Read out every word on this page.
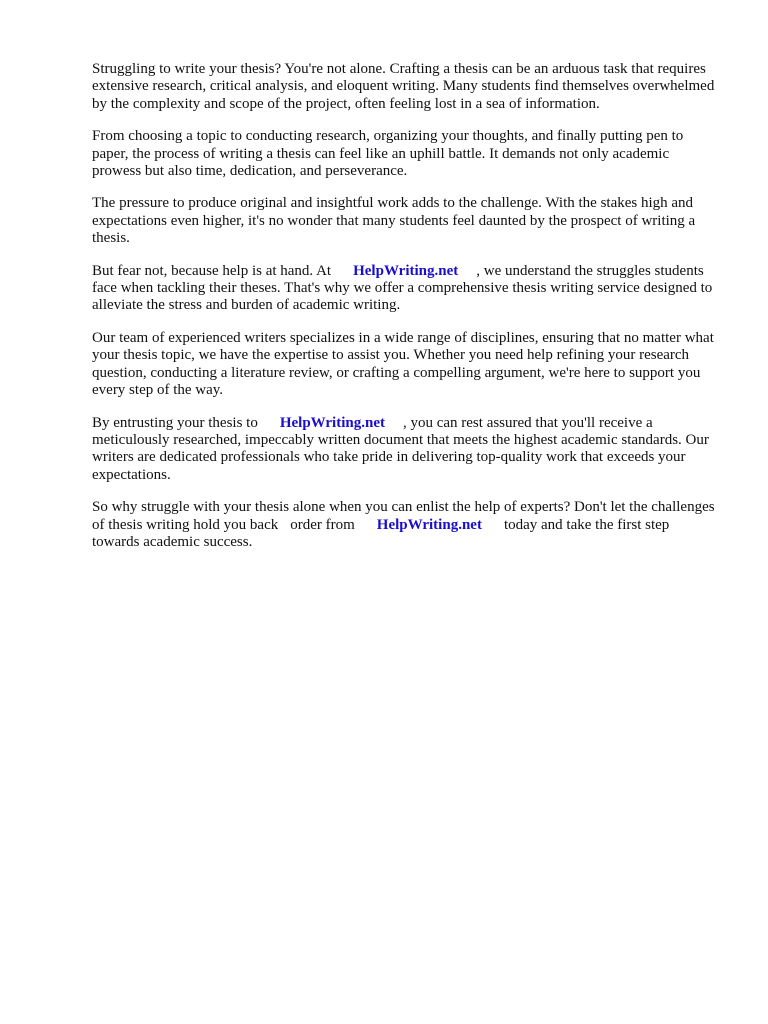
Struggling to write your thesis? You're not alone. Crafting a thesis can be an arduous task that requires extensive research, critical analysis, and eloquent writing. Many students find themselves overwhelmed by the complexity and scope of the project, often feeling lost in a sea of information.

From choosing a topic to conducting research, organizing your thoughts, and finally putting pen to paper, the process of writing a thesis can feel like an uphill battle. It demands not only academic prowess but also time, dedication, and perseverance.

The pressure to produce original and insightful work adds to the challenge. With the stakes high and expectations even higher, it's no wonder that many students feel daunted by the prospect of writing a thesis.

But fear not, because help is at hand. At HelpWriting.net , we understand the struggles students face when tackling their theses. That's why we offer a comprehensive thesis writing service designed to alleviate the stress and burden of academic writing.

Our team of experienced writers specializes in a wide range of disciplines, ensuring that no matter what your thesis topic, we have the expertise to assist you. Whether you need help refining your research question, conducting a literature review, or crafting a compelling argument, we're here to support you every step of the way.

By entrusting your thesis to HelpWriting.net , you can rest assured that you'll receive a meticulously researched, impeccably written document that meets the highest academic standards. Our writers are dedicated professionals who take pride in delivering top-quality work that exceeds your expectations.

So why struggle with your thesis alone when you can enlist the help of experts? Don't let the challenges of thesis writing hold you back order from HelpWriting.net today and take the first step towards academic success.
